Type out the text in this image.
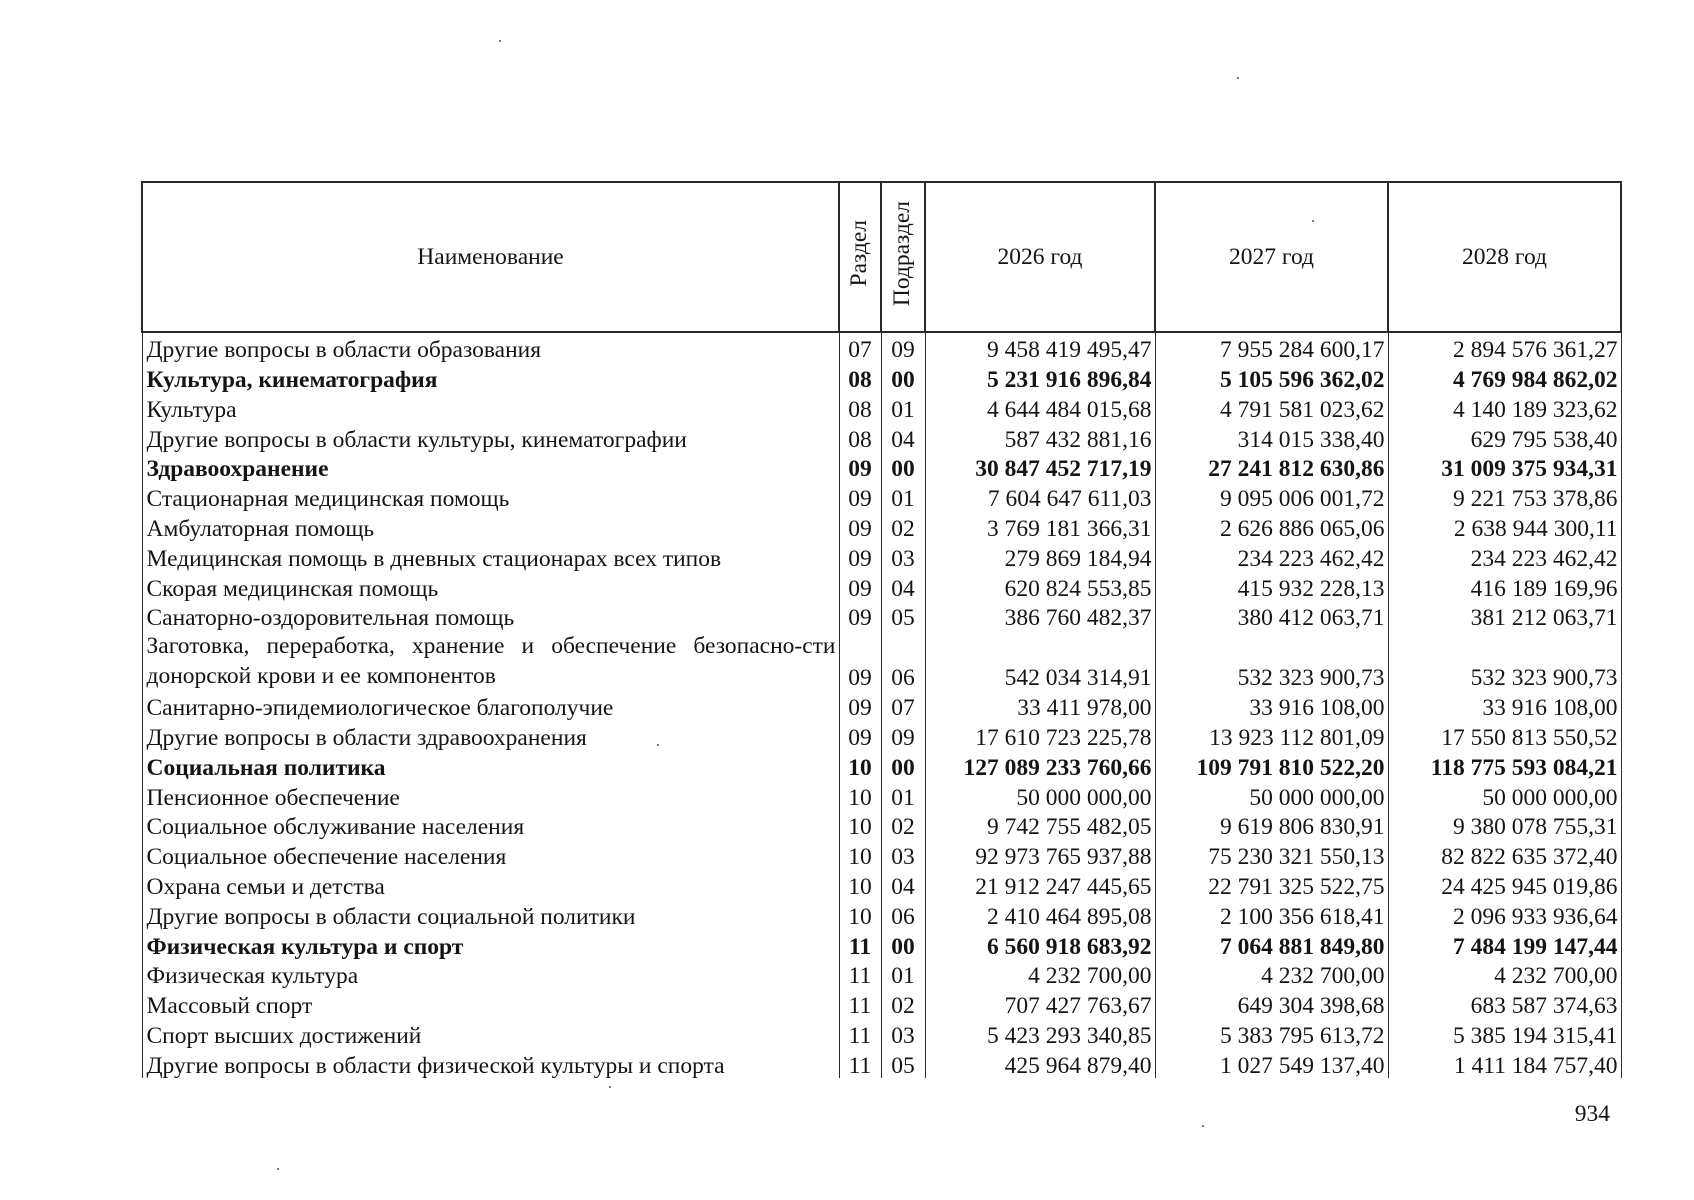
Наименование	Раздел	Подраздел	2026 год	2027 год	2028 год
Другие вопросы в области образования	07	09	9 458 419 495,47	7 955 284 600,17	2 894 576 361,27
Культура, кинематография	08	00	5 231 916 896,84	5 105 596 362,02	4 769 984 862,02
Культура	08	01	4 644 484 015,68	4 791 581 023,62	4 140 189 323,62
Другие вопросы в области культуры, кинематографии	08	04	587 432 881,16	314 015 338,40	629 795 538,40
Здравоохранение	09	00	30 847 452 717,19	27 241 812 630,86	31 009 375 934,31
Стационарная медицинская помощь	09	01	7 604 647 611,03	9 095 006 001,72	9 221 753 378,86
Амбулаторная помощь	09	02	3 769 181 366,31	2 626 886 065,06	2 638 944 300,11
Медицинская помощь в дневных стационарах всех типов	09	03	279 869 184,94	234 223 462,42	234 223 462,42
Скорая медицинская помощь	09	04	620 824 553,85	415 932 228,13	416 189 169,96
Санаторно-оздоровительная помощь	09	05	386 760 482,37	380 412 063,71	381 212 063,71
Заготовка, переработка, хранение и обеспечение безопасно-сти донорской крови и ее компонентов	09	06	542 034 314,91	532 323 900,73	532 323 900,73
Санитарно-эпидемиологическое благополучие	09	07	33 411 978,00	33 916 108,00	33 916 108,00
Другие вопросы в области здравоохранения	09	09	17 610 723 225,78	13 923 112 801,09	17 550 813 550,52
Социальная политика	10	00	127 089 233 760,66	109 791 810 522,20	118 775 593 084,21
Пенсионное обеспечение	10	01	50 000 000,00	50 000 000,00	50 000 000,00
Социальное обслуживание населения	10	02	9 742 755 482,05	9 619 806 830,91	9 380 078 755,31
Социальное обеспечение населения	10	03	92 973 765 937,88	75 230 321 550,13	82 822 635 372,40
Охрана семьи и детства	10	04	21 912 247 445,65	22 791 325 522,75	24 425 945 019,86
Другие вопросы в области социальной политики	10	06	2 410 464 895,08	2 100 356 618,41	2 096 933 936,64
Физическая культура и спорт	11	00	6 560 918 683,92	7 064 881 849,80	7 484 199 147,44
Физическая культура	11	01	4 232 700,00	4 232 700,00	4 232 700,00
Массовый спорт	11	02	707 427 763,67	649 304 398,68	683 587 374,63
Спорт высших достижений	11	03	5 423 293 340,85	5 383 795 613,72	5 385 194 315,41
Другие вопросы в области физической культуры и спорта	11	05	425 964 879,40	1 027 549 137,40	1 411 184 757,40
934
